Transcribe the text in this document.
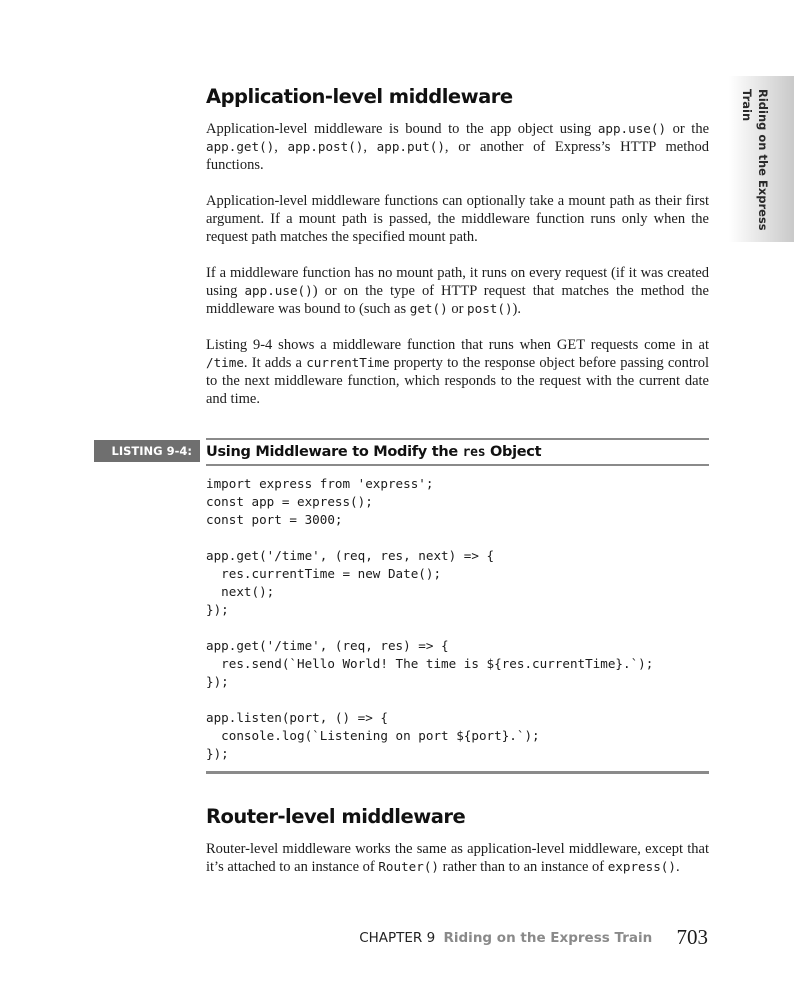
Riding on the Express
Train
Application-level middleware

Application-level middleware is bound to the app object using app.use() or the app.get(), app.post(), app.put(), or another of Express’s HTTP method functions.

Application-level middleware functions can optionally take a mount path as their first argument. If a mount path is passed, the middleware function runs only when the request path matches the specified mount path.

If a middleware function has no mount path, it runs on every request (if it was created using app.use()) or on the type of HTTP request that matches the method the middleware was bound to (such as get() or post()).

Listing 9-4 shows a middleware function that runs when GET requests come in at /time. It adds a currentTime property to the response object before passing control to the next middleware function, which responds to the request with the current date and time.

LISTING 9-4: Using Middleware to Modify the res Object
import express from 'express';
const app = express();
const port = 3000;

app.get('/time', (req, res, next) => {
res.currentTime = new Date();
next();
});

app.get('/time', (req, res) => {
res.send(`Hello World! The time is ${res.currentTime}.`);
});

app.listen(port, () => {
console.log(`Listening on port ${port}.`);
});
Router-level middleware

Router-level middleware works the same as application-level middleware, except that it’s attached to an instance of Router() rather than to an instance of express().

CHAPTER 9 Riding on the Express Train 703
